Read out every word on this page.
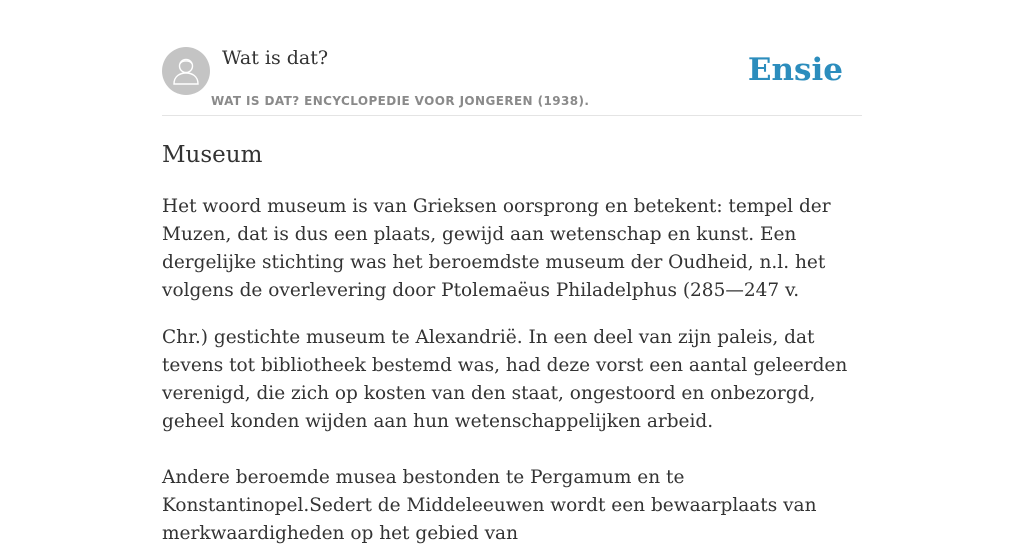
Wat is dat?
WAT IS DAT? ENCYCLOPEDIE VOOR JONGEREN (1938).
Ensie
Museum

Het woord museum is van Grieksen oorsprong en betekent: tempel der Muzen, dat is dus een plaats, gewijd aan wetenschap en kunst. Een dergelijke stichting was het beroemdste museum der Oudheid, n.l. het volgens de overlevering door Ptolemaëus Philadelphus (285—247 v.

Chr.) gestichte museum te Alexandrië. In een deel van zijn paleis, dat tevens tot bibliotheek bestemd was, had deze vorst een aantal geleerden verenigd, die zich op kosten van den staat, ongestoord en onbezorgd, geheel konden wijden aan hun wetenschappelijken arbeid.

Andere beroemde musea bestonden te Pergamum en te Konstantinopel.Sedert de Middeleeuwen wordt een bewaarplaats van merkwaardigheden op het gebied van
